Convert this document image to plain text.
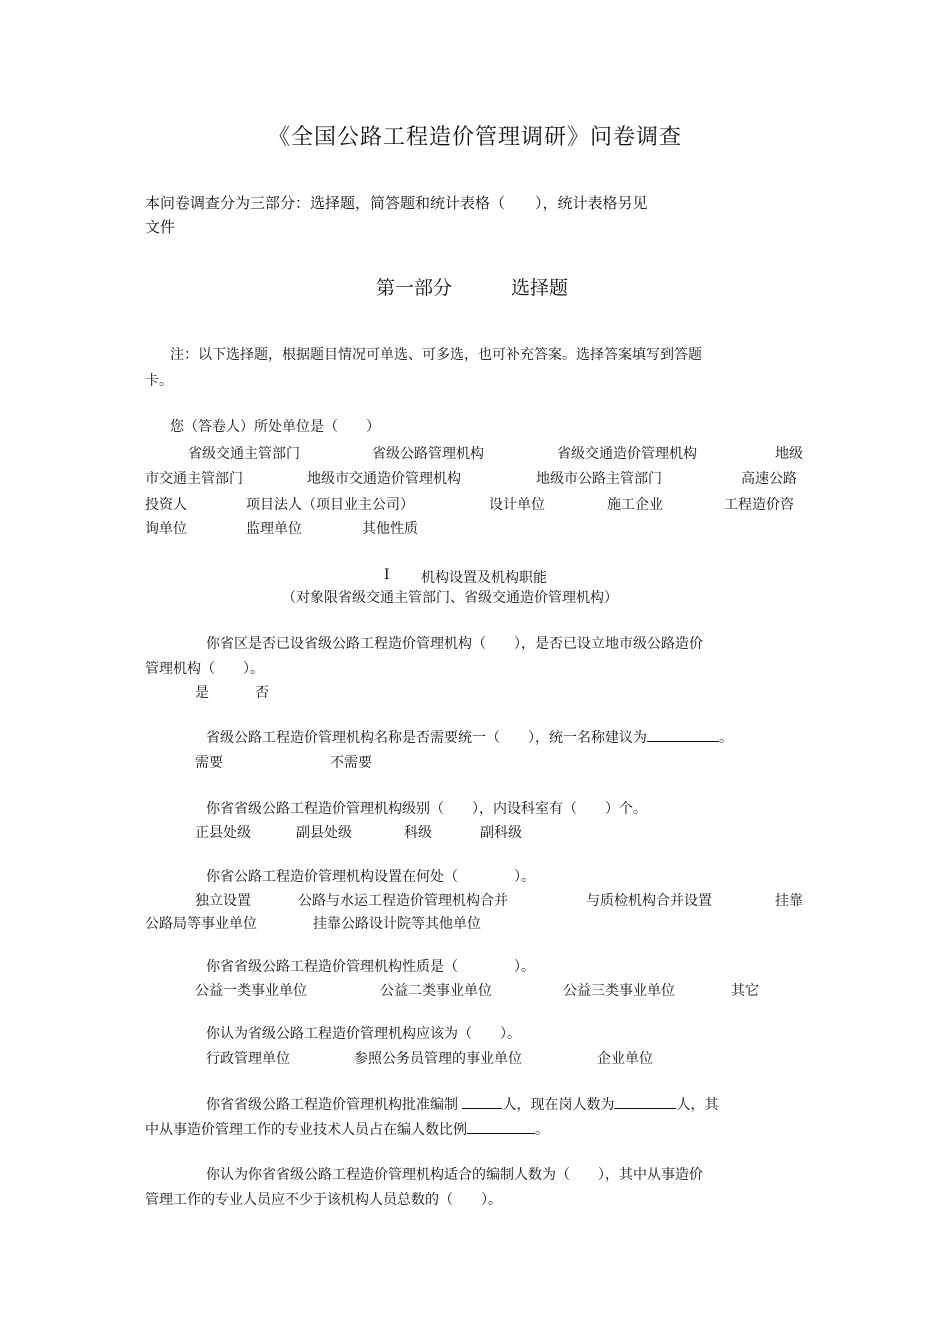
《全国公路工程造价管理调研》问卷调查
本问卷调查分为三部分：选择题，简答题和统计表格（　　），统计表格另见
文件
第一部分	选择题
注：以下选择题，根据题目情况可单选、可多选，也可补充答案。选择答案填写到答题
卡。
您（答卷人）所处单位是（　　）
省级交通主管部门	省级公路管理机构	省级交通造价管理机构	地级
市交通主管部门	地级市交通造价管理机构	地级市公路主管部门	高速公路
投资人	项目法人（项目业主公司）	设计单位	施工企业	工程造价咨
询单位	监理单位	其他性质
I 机构设置及机构职能
（对象限省级交通主管部门、省级交通造价管理机构）
你省区是否已设省级公路工程造价管理机构（　　），是否已设立地市级公路造价
管理机构（　　）。
是	否
省级公路工程造价管理机构名称是否需要统一（　　），统一名称建议为	。
需要	不需要
你省省级公路工程造价管理机构级别（　　），内设科室有（　　）个。
正县处级	副县处级	科级	副科级
你省公路工程造价管理机构设置在何处（　　　　）。
独立设置	公路与水运工程造价管理机构合并	与质检机构合并设置	挂靠
公路局等事业单位	挂靠公路设计院等其他单位
你省省级公路工程造价管理机构性质是（　　　　）。
公益一类事业单位	公益二类事业单位	公益三类事业单位	其它
你认为省级公路工程造价管理机构应该为（　　）。
行政管理单位	参照公务员管理的事业单位	企业单位
你省省级公路工程造价管理机构批准编制	人，现在岗人数为	人，其
中从事造价管理工作的专业技术人员占在编人数比例	。
你认为你省省级公路工程造价管理机构适合的编制人数为（　　），其中从事造价
管理工作的专业人员应不少于该机构人员总数的（　　）。
